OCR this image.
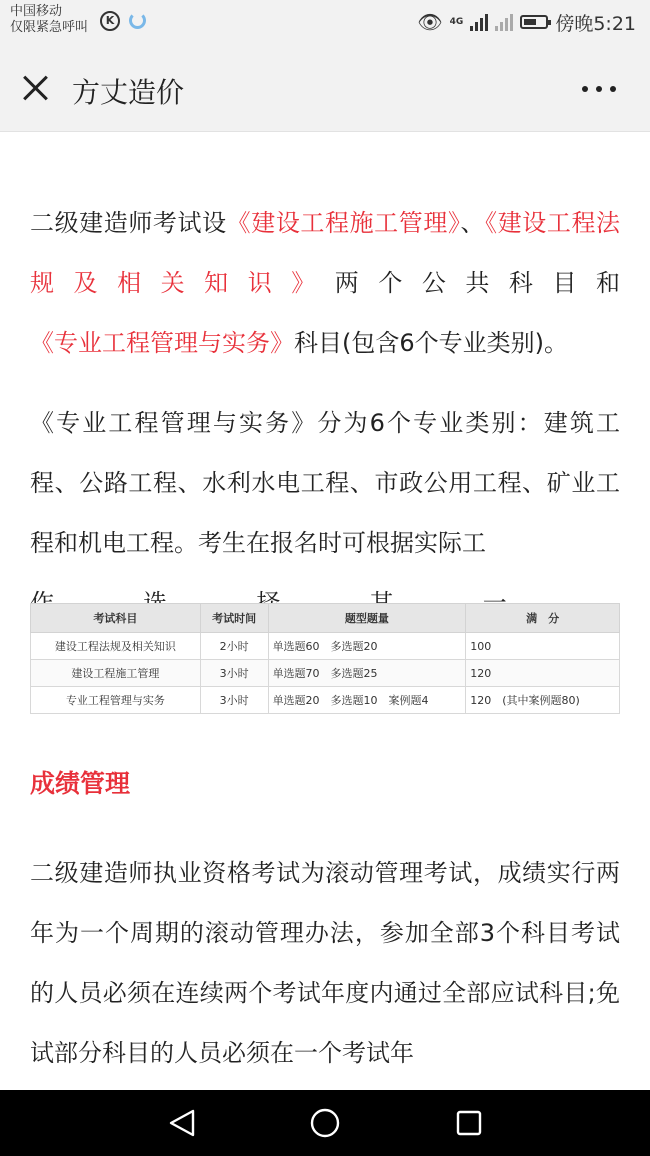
中国移动
仅限紧急呼叫	K	👁 4G	傍晚5:21
方丈造价

二级建造师考试设《建设工程施工管理》、《建设工程法规及相关知识》两个公共科目和《专业工程管理与实务》科目(包含6个专业类别)。

《专业工程管理与实务》分为6个专业类别：建筑工程、公路工程、水利水电工程、市政公用工程、矿业工程和机电工程。考生在报名时可根据实际工
考试科目	考试时间	题型题量	满　分
建设工程法规及相关知识	2小时	单选题60　多选题20	100
建设工程施工管理	3小时	单选题70　多选题25	120
专业工程管理与实务	3小时	单选题20　多选题10　案例题4	120　(其中案例题80)
成绩管理

二级建造师执业资格考试为滚动管理考试，成绩实行两年为一个周期的滚动管理办法，参加全部3个科目考试的人员必须在连续两个考试年度内通过全部应试科目;免试部分科目的人员必须在一个考试年
